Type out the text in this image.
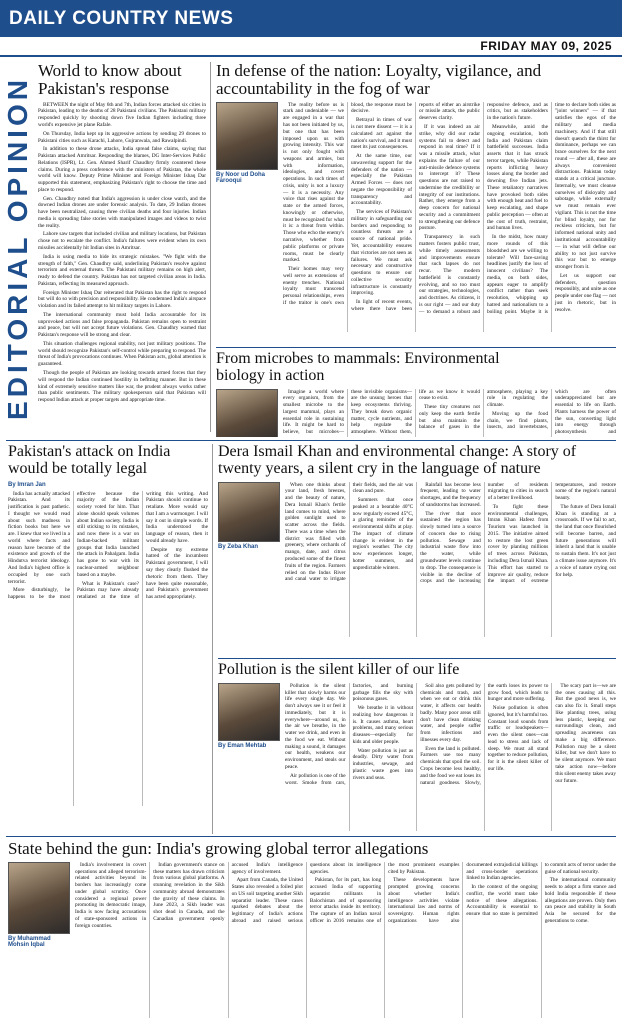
DAILY COUNTRY NEWS
FRIDAY MAY 09, 2025
EDITORIAL OPINION
World to know about Pakistan's response

BETWEEN the night of May 6th and 7th, Indian forces attacked six cities in Pakistan, leading to the deaths of 28 Pakistani civilians. The Pakistani military responded quickly by shooting down five Indian fighters including three world's expensive jet plane Rafale.

On Thursday, India kept up its aggressive actions by sending 29 drones to Pakistani cities such as Karachi, Lahore, Gujranwala, and Rawalpindi.

In addition to these drone attacks, India spread false claims, saying that Pakistan attacked Amritsar. Responding the blames, DG Inter-Services Public Relations (ISPR), Lt. Gen. Ahmed Sharif Chaudhry firmly countered these claims. During a press conference with the ministers of Pakistan, the whole world will know. Deputy Prime Minister and Foreign Minister Ishaq Dar supported this statement, emphasizing Pakistan's right to choose the time and place to respond.

Gen. Chaudhry noted that India's aggression is under close watch, and the downed Indian drones are under forensic analysis. To date, 29 Indian drones have been neutralized, causing three civilian deaths and four injuries. Indian media is spreading false stories with manipulated images and videos to twist the reality.

Lahore saw targets that included civilian and military locations, but Pakistan chose not to escalate the conflict. India's failures were evident when its own missiles accidentally hit Indian sites in Amritsar.

India is using media to hide its strategic mistakes. "We fight with the strength of faith," Gen. Chaudhry said, underlining Pakistan's resolve against terrorism and external threats. The Pakistani military remains on high alert, ready to defend the country. Pakistan has not targeted civilian areas in India. Pakistan, reflecting its measured approach.

Foreign Minister Ishaq Dar reiterated that Pakistan has the right to respond but will do so with precision and responsibility. He condemned India's airspace violation and its failed attempt to hit military targets in Lahore.

The international community must hold India accountable for its unprovoked actions and false propaganda. Pakistan remains open to restraint and peace, but will not accept future violations. Gen. Chaudhry warned that Pakistan's response will be strong and clear.

This situation challenges regional stability, not just military positions. The world should recognize Pakistan's self-control while preparing to respond. The threat of India's provocations continues. When Pakistan acts, global attention is guaranteed.

Though the people of Pakistan are looking towards armed forces that they will respond the Indian continued hostility in befitting manner. But in these kind of extremely sensitive matters like war, the prudent always works rather than public sentiments. The military spokesperson said that Pakistan will respond Indian attack at proper targets and appropriate time.

In defense of the nation: Loyalty, vigilance, and accountability in the fog of war
By Noor ud Doha Farooqui

The reality before us is stark and undeniable — we are engaged in a war that has not been initiated by us, but one that has been imposed upon us with growing intensity. This war is not only fought with weapons and armies, but with information, ideologies, and covert operations. In such times of crisis, unity is not a luxury — it is a necessity. Any voice that rises against the state or the armed forces, knowingly or otherwise, must be recognized for what it is: a threat from within. Those who echo the enemy's narrative, whether from public platforms or private rooms, must be clearly marked.

Their homes may very well serve as extensions of enemy trenches. National loyalty must transcend personal relationships, even if the traitor is one's own blood, the response must be decisive.

Betrayal in times of war is not mere dissent — it is a calculated act against the nation's survival, and it must meet its just consequences.

At the same time, our unwavering support for the defenders of the nation — especially the Pakistan Armed Forces — does not negate the responsibility of transparency and accountability.

The services of Pakistan's military in safeguarding our borders and responding to countless threats are a source of national pride. Yet, accountability ensures that victories are not seen as failures. We must ask necessary and constructive questions to ensure our collective security infrastructure is constantly improving.

In light of recent events, where there have been reports of either an airstrike or missile attack, the public deserves clarity.

If it was indeed an air strike, why did our radar systems fail to detect and respond in real time? If it was a missile attack, what explains the failure of our anti-missile defence systems to intercept it? These questions are not raised to undermine the credibility or integrity of our institutions. Rather, they emerge from a deep concern for national security and a commitment to strengthening our defence posture.

Transparency in such matters fosters public trust, while timely assessments and improvements ensure that such lapses do not recur. The modern battlefield is constantly evolving, and so too must our strategies, technologies, and doctrines. As citizens, it is our right — and our duty — to demand a robust and responsive defence, and as critics, but as stakeholders in the nation's future.

Meanwhile, amid the ongoing escalation, both India and Pakistan claim battlefield successes. India asserts that it has struck terror targets, while Pakistan reports inflicting heavy losses along the border and downing five Indian jets. These retaliatory narratives have provoked both sides with enough heat and fuel to keep escalating, and shape public perception — often at the cost of truth, restraint, and human lives.

In the midst, how many more rounds of this bloodshed are we willing to tolerate? Will face-saving headlines justify the loss of innocent civilians? The media, on both sides, appears eager to amplify conflict rather than seek resolution, whipping up hatred and nationalism to a boiling point. Maybe it is time to declare both sides as "joint winners" — if that satisfies the egos of the military and media machinery. And if that still doesn't quench the thirst for dominance, perhaps we can brace ourselves for the next round — after all, these are always convenient distractions. Pakistan today stands at a critical juncture. Internally, we must cleanse ourselves of disloyalty and sabotage, while externally we must remain ever vigilant. This is not the time for blind loyalty, nor for reckless criticism, but for informed national unity and institutional accountability — in what will define our ability to not just survive this war but to emerge stronger from it.

Let us support our defenders, question responsibly, and unite as one people under one flag — not just in rhetoric, but in resolve.

From microbes to mammals: Environmental biology in action

Imagine a world where every organism, from the smallest microbe to the largest mammal, plays an essential role in sustaining life. It might be hard to believe, but microbes—these invisible organisms—are the unsung heroes that keep ecosystems thriving. They break down organic matter, cycle nutrients, and help regulate the atmosphere. Without them, life as we know it would cease to exist.

These tiny creatures not only keep the earth fertile but also maintain the balance of gases in the atmosphere, playing a key role in regulating the climate.

Moving up the food chain, we find plants, insects, and invertebrates, which are often underappreciated but are essential to life on Earth. Plants harness the power of the sun, converting light into energy through photosynthesis and

Pakistan's attack on India would be totally legal
By Imran Jan

India has actually attacked Pakistan. And its justification is past pathetic. I thought we would read about such madness in fiction books but here we are. I knew that we lived in a world where facts and reason have become of the existence and growth of the Hindutva terrorist ideology. And India's highest office is occupied by one such terrorist.

More disturbingly, he happens to be the most effective because the majority of the Indian society voted for him. That alone should speak volumes about Indian society. India is still sticking to its mistakes, and now there is a war on Indian-backed militant groups that India launched the attack in Pahalgam. India has gone to war with its nuclear-armed neighbour based on a maybe.

What is Pakistan's case? Pakistan may have already retaliated at the time of writing this writing. And Pakistan should continue to retaliate. More would say that I am a warmonger. I will say it out in simple words. If India understood the language of reason, then it would already have.

Despite my extreme hatred of the incumbent Pakistani government, I will say they clearly flushed the rhetoric from them. They have been quite reasonable, and Pakistan's government has acted appropriately.

Dera Ismail Khan and environmental change: A story of twenty years, a silent cry in the language of nature
By Zeba Khan

When one thinks about your land, fresh breezes, and the beauty of nature, Dera Ismail Khan's fertile land comes to mind, where golden sunlight used to scatter across the fields. There was a time when the district was filled with greenery, where orchards of mango, date, and citrus produced some of the finest fruits of the region. Farmers relied on the Indus River and canal water to irrigate their fields, and the air was clean and pure.

Summers that once peaked at a bearable 40°C now regularly exceed 45°C, a glaring reminder of the environmental shifts at play. The impact of climate change is evident in the region's weather. The city now experiences longer, hotter summers, and unpredictable winters.

Rainfall has become less frequent, leading to water shortages, and the frequency of sandstorms has increased.

The river that once sustained the region has slowly turned into a source of concern due to rising pollution. Sewage and industrial waste flow into the water, while groundwater levels continue to drop. The consequence is visible in the decline of crops and the increasing number of residents migrating to cities in search of a better livelihood.

To fight these environmental challenges, Imran Khan Hafeez from Tourism was launched in 2015. The initiative aimed to restore the lost green cover by planting millions of trees across Pakistan, including Dera Ismail Khan. This effort has started to improve air quality, reduce the impact of extreme temperatures, and restore some of the region's natural beauty.

The future of Dera Ismail Khan is standing at a crossroads. If we fail to act, the land that once flourished will become barren, and future generations will inherit a land that is unable to sustain them. It's not just a climate issue anymore. It's a voice of nature crying out for help.

Pollution is the silent killer of our life
By Eman Mehtab

Pollution is the silent killer that slowly harms our life every single day. We don't always see it or feel it immediately, but it is everywhere—around us, in the air we breathe, in the water we drink, and even in the food we eat. Without making a sound, it damages our health, weakens our environment, and steals our peace.

Air pollution is one of the worst. Smoke from cars, factories, and burning garbage fills the sky with poisonous gases.

We breathe it in without realizing how dangerous it is. It causes asthma, heart problems, and many serious diseases—especially for kids and older people.

Water pollution is just as deadly. Dirty water from industries, sewage, and plastic waste goes into rivers and seas.

Soil also gets polluted by chemicals and trash, and when we eat or drink this water, it affects our health badly. Many poor areas still don't have clean drinking water, and people suffer from infections and illnesses every day.

Even the land is polluted. Farmers use too many chemicals that spoil the soil. Crops become less healthy, and the food we eat loses its natural goodness. Slowly, the earth loses its power to grow food, which leads to hunger and more suffering.

Noise pollution is often ignored, but it's harmful too. Constant loud sounds from traffic or loudspeakers—even the silent ones—can lead to stress and lack of sleep. We must all stand together to reduce pollution, for it is the silent killer of our life.

The scary part is—we are the ones causing all this. But the good news is, we can also fix it. Small steps like planting trees, using less plastic, keeping our surroundings clean, and spreading awareness can make a big difference. Pollution may be a silent killer, but we don't have to be silent anymore. We must take action now—before this silent enemy takes away our future.

State behind the gun: India's growing global terror allegations
By Muhammad Mohsin Iqbal

India's involvement in covert operations and alleged terrorism-related activities beyond its borders has increasingly come under global scrutiny. Once considered a regional power promoting its democratic image, India is now facing accusations of state-sponsored actions in foreign countries.

Indian government's stance on these matters has drawn criticism from various global platforms. A stunning revelation in the Sikh community abroad demonstrates the gravity of these claims. In June 2023, a Sikh leader was shot dead in Canada, and the Canadian government openly accused India's intelligence agency of involvement.

Apart from Canada, the United States also revealed a foiled plot on US soil targeting another Sikh separatist leader. These cases sparked debates about the legitimacy of India's actions abroad and raised serious questions about its intelligence agencies.

Pakistan, for its part, has long accused India of supporting separatist militants in Balochistan and of sponsoring terror attacks inside its territory. The capture of an Indian naval officer in 2016 remains one of the most prominent examples cited by Pakistan.

These developments have prompted growing concerns about whether India's intelligence activities violate international law and norms of sovereignty. Human rights organizations have also documented extrajudicial killings and cross-border operations linked to Indian agencies.

In the context of the ongoing conflict, the world must take notice of these allegations. Accountability is essential to ensure that no state is permitted to commit acts of terror under the guise of national security.

The international community needs to adopt a firm stance and hold India responsible if these allegations are proven. Only then can peace and stability in South Asia be secured for the generations to come.
